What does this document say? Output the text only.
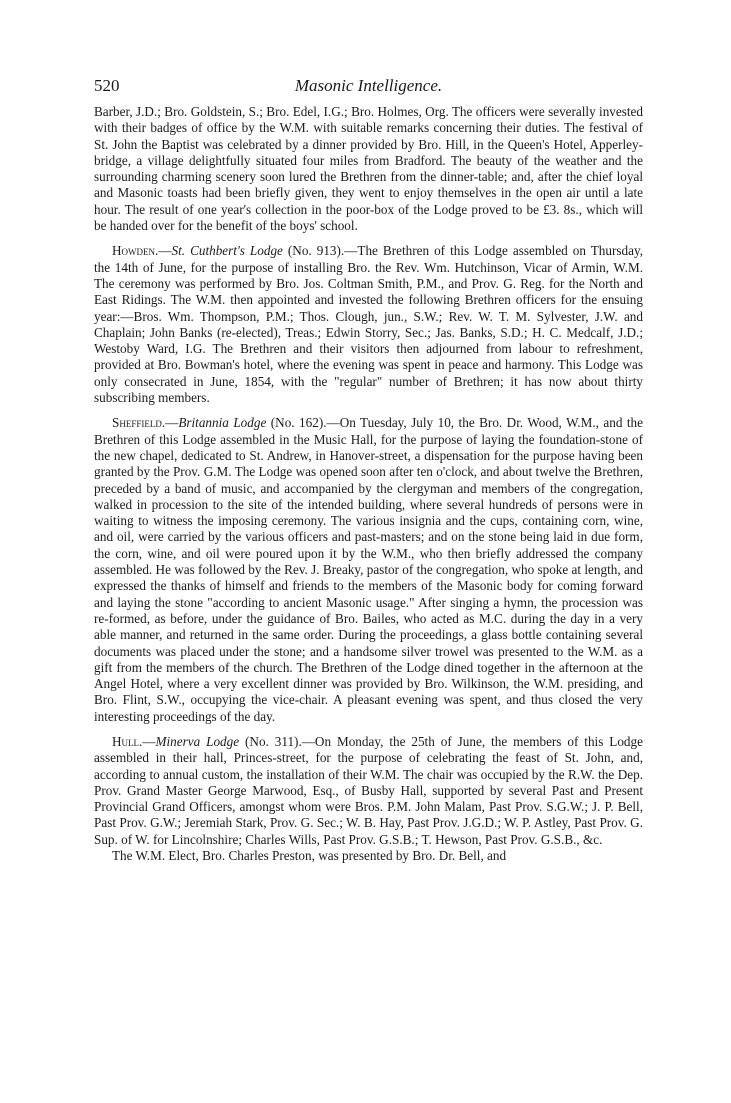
520	Masonic Intelligence.

Barber, J.D.; Bro. Goldstein, S.; Bro. Edel, I.G.; Bro. Holmes, Org. The officers were severally invested with their badges of office by the W.M. with suitable remarks concerning their duties. The festival of St. John the Baptist was celebrated by a dinner provided by Bro. Hill, in the Queen's Hotel, Apperley-bridge, a village delightfully situated four miles from Bradford. The beauty of the weather and the surrounding charming scenery soon lured the Brethren from the dinner-table; and, after the chief loyal and Masonic toasts had been briefly given, they went to enjoy themselves in the open air until a late hour. The result of one year's collection in the poor-box of the Lodge proved to be £3. 8s., which will be handed over for the benefit of the boys' school.

Howden.—St. Cuthbert's Lodge (No. 913).—The Brethren of this Lodge assembled on Thursday, the 14th of June, for the purpose of installing Bro. the Rev. Wm. Hutchinson, Vicar of Armin, W.M. The ceremony was performed by Bro. Jos. Coltman Smith, P.M., and Prov. G. Reg. for the North and East Ridings. The W.M. then appointed and invested the following Brethren officers for the ensuing year:—Bros. Wm. Thompson, P.M.; Thos. Clough, jun., S.W.; Rev. W. T. M. Sylvester, J.W. and Chaplain; John Banks (re-elected), Treas.; Edwin Storry, Sec.; Jas. Banks, S.D.; H. C. Medcalf, J.D.; Westoby Ward, I.G. The Brethren and their visitors then adjourned from labour to refreshment, provided at Bro. Bowman's hotel, where the evening was spent in peace and harmony. This Lodge was only consecrated in June, 1854, with the "regular" number of Brethren; it has now about thirty subscribing members.

Sheffield.—Britannia Lodge (No. 162).—On Tuesday, July 10, the Bro. Dr. Wood, W.M., and the Brethren of this Lodge assembled in the Music Hall, for the purpose of laying the foundation-stone of the new chapel, dedicated to St. Andrew, in Hanover-street, a dispensation for the purpose having been granted by the Prov. G.M. The Lodge was opened soon after ten o'clock, and about twelve the Brethren, preceded by a band of music, and accompanied by the clergyman and members of the congregation, walked in procession to the site of the intended building, where several hundreds of persons were in waiting to witness the imposing ceremony. The various insignia and the cups, containing corn, wine, and oil, were carried by the various officers and past-masters; and on the stone being laid in due form, the corn, wine, and oil were poured upon it by the W.M., who then briefly addressed the company assembled. He was followed by the Rev. J. Breaky, pastor of the congregation, who spoke at length, and expressed the thanks of himself and friends to the members of the Masonic body for coming forward and laying the stone "according to ancient Masonic usage." After singing a hymn, the procession was re-formed, as before, under the guidance of Bro. Bailes, who acted as M.C. during the day in a very able manner, and returned in the same order. During the proceedings, a glass bottle containing several documents was placed under the stone; and a handsome silver trowel was presented to the W.M. as a gift from the members of the church. The Brethren of the Lodge dined together in the afternoon at the Angel Hotel, where a very excellent dinner was provided by Bro. Wilkinson, the W.M. presiding, and Bro. Flint, S.W., occupying the vice-chair. A pleasant evening was spent, and thus closed the very interesting proceedings of the day.

Hull.—Minerva Lodge (No. 311).—On Monday, the 25th of June, the members of this Lodge assembled in their hall, Princes-street, for the purpose of celebrating the feast of St. John, and, according to annual custom, the installation of their W.M. The chair was occupied by the R.W. the Dep. Prov. Grand Master George Marwood, Esq., of Busby Hall, supported by several Past and Present Provincial Grand Officers, amongst whom were Bros. P.M. John Malam, Past Prov. S.G.W.; J. P. Bell, Past Prov. G.W.; Jeremiah Stark, Prov. G. Sec.; W. B. Hay, Past Prov. J.G.D.; W. P. Astley, Past Prov. G. Sup. of W. for Lincolnshire; Charles Wills, Past Prov. G.S.B.; T. Hewson, Past Prov. G.S.B., &c.

The W.M. Elect, Bro. Charles Preston, was presented by Bro. Dr. Bell, and
